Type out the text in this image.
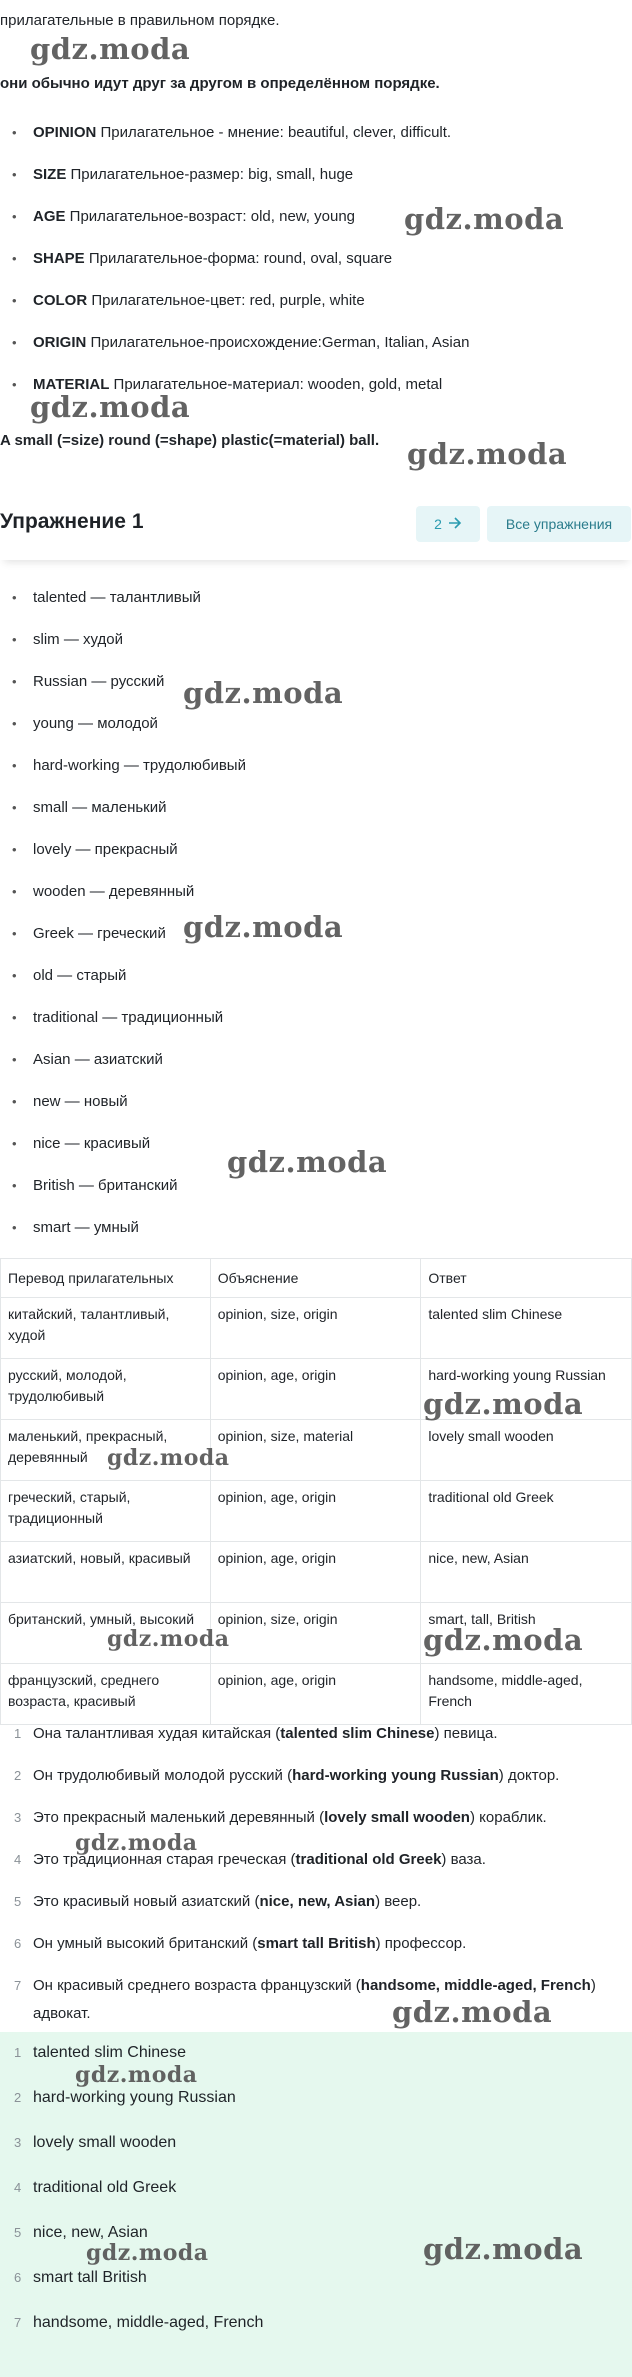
прилагательные в правильном порядке.
они обычно идут друг за другом в определённом порядке.
• OPINION Прилагательное - мнение: beautiful, clever, difficult.
• SIZE Прилагательное-размер: big, small, huge
• AGE Прилагательное-возраст: old, new, young
• SHAPE Прилагательное-форма: round, oval, square
• COLOR Прилагательное-цвет: red, purple, white
• ORIGIN Прилагательное-происхождение:German, Italian, Asian
• MATERIAL Прилагательное-материал: wooden, gold, metal
A small (=size) round (=shape) plastic(=material) ball.
•
• talented — талантливый
• slim — худой
• Russian — русский
• young — молодой
• hard-working — трудолюбивый
• small — маленький
• lovely — прекрасный
• wooden — деревянный
• Greek — греческий
• old — старый
• traditional — традиционный
• Asian — азиатский
• new — новый
• nice — красивый
• British — британский
• smart — умный
Упражнение 1	2	Все упражнения
Перевод прилагательных	Объяснение	Ответ
китайский, талантливый, худой	opinion, size, origin	talented slim Chinese
русский, молодой, трудолюбивый	opinion, age, origin	hard-working young Russian
маленький, прекрасный, деревянный	opinion, size, material	lovely small wooden
греческий, старый, традиционный	opinion, age, origin	traditional old Greek
азиатский, новый, красивый	opinion, age, origin	nice, new, Asian
британский, умный, высокий	opinion, size, origin	smart, tall, British
французский, среднего возраста, красивый	opinion, age, origin	handsome, middle-aged, French
1 Она талантливая худая китайская (talented slim Chinese) певица.
2 Он трудолюбивый молодой русский (hard-working young Russian) доктор.
3 Это прекрасный маленький деревянный (lovely small wooden) кораблик.
4 Это традиционная старая греческая (traditional old Greek) ваза.
5 Это красивый новый азиатский (nice, new, Asian) веер.
6 Он умный высокий британский (smart tall British) профессор.
7 Он красивый среднего возраста французский (handsome, middle-aged, French) адвокат.
1 talented slim Chinese
2 hard-working young Russian
3 lovely small wooden
4 traditional old Greek
5 nice, new, Asian
6 smart tall British
7 handsome, middle-aged, French
gdz.moda
gdz.moda
gdz.moda
gdz.moda
gdz.moda
gdz.moda
gdz.moda
gdz.moda
gdz.moda
gdz.moda	gdz.moda
gdz.moda
gdz.moda
gdz.moda
gdz.moda
gdz.moda
